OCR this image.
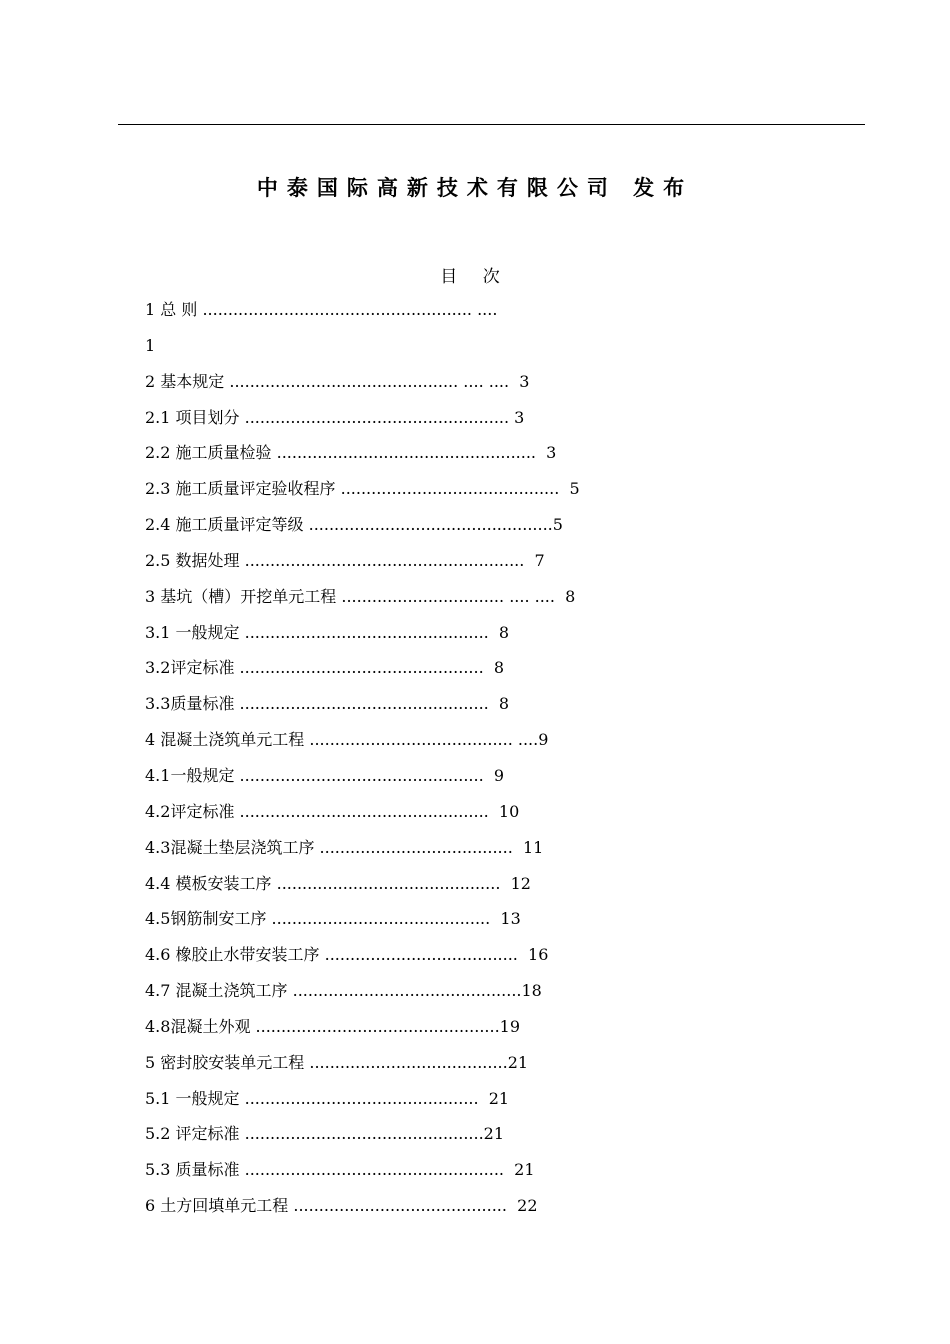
中泰国际高新技术有限公司 发布
目 次
1 总 则 ..................................................... ....
1
2 基本规定 ............................................. .... ....  3
2.1 项目划分 .................................................... 3
2.2 施工质量检验 ...................................................  3
2.3 施工质量评定验收程序 ...........................................  5
2.4 施工质量评定等级 ................................................5
2.5 数据处理 .......................................................  7
3 基坑（槽）开挖单元工程 ................................ .... ....  8
3.1 一般规定 ................................................  8
3.2评定标准 ................................................  8
3.3质量标准 .................................................  8
4 混凝土浇筑单元工程 ........................................ ....9
4.1一般规定 ................................................  9
4.2评定标准 .................................................  10
4.3混凝土垫层浇筑工序 ......................................  11
4.4 模板安装工序 ............................................  12
4.5钢筋制安工序 ...........................................  13
4.6 橡胶止水带安装工序 ......................................  16
4.7 混凝土浇筑工序 .............................................18
4.8混凝土外观 ................................................19
5 密封胶安装单元工程 .......................................21
5.1 一般规定 ..............................................  21
5.2 评定标准 ...............................................21
5.3 质量标准 ...................................................  21
6 土方回填单元工程 ..........................................  22
